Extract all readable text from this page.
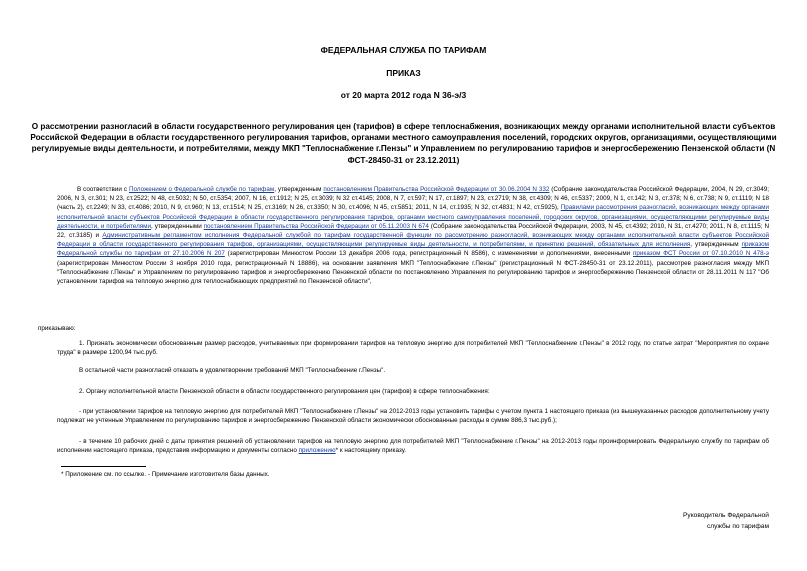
ФЕДЕРАЛЬНАЯ СЛУЖБА ПО ТАРИФАМ
ПРИКАЗ
от 20 марта 2012 года N 36-э/3
О рассмотрении разногласий в области государственного регулирования цен (тарифов) в сфере теплоснабжения, возникающих между органами исполнительной власти субъектов Российской Федерации в области государственного регулирования тарифов, органами местного самоуправления поселений, городских округов, организациями, осуществляющими регулируемые виды деятельности, и потребителями, между МКП "Теплоснабжение г.Пензы" и Управлением по регулированию тарифов и энергосбережению Пензенской области (N ФСТ-28450-31 от 23.12.2011)
В соответствии с Положением о Федеральной службе по тарифам, утвержденным постановлением Правительства Российской Федерации от 30.06.2004 N 332 (Собрание законодательства Российской Федерации, 2004, N 29, ст.3049; 2006, N 3, ст.301; N 23, ст.2522; N 48, ст.5032; N 50, ст.5354; 2007, N 16, ст.1912; N 25, ст.3039; N 32 ст.4145; 2008, N 7, ст.597; N 17, ст.1897; N 23, ст.2719; N 38, ст.4309; N 46, ст.5337; 2009, N 1, ст.142; N 3, ст.378; N 6, ст.738; N 9, ст.1119; N 18 (часть 2), ст.2249; N 33, ст.4086; 2010, N 9, ст.960; N 13, ст.1514; N 25, ст.3169; N 26, ст.3350; N 30, ст.4096; N 45, ст.5851; 2011, N 14, ст.1935; N 32, ст.4831; N 42, ст.5925), Правилами рассмотрения разногласий, возникающих между органами исполнительной власти субъектов Российской Федерации в области государственного регулирования тарифов, органами местного самоуправления поселений, городских округов, организациями, осуществляющими регулируемые виды деятельности, и потребителями, утвержденными постановлением Правительства Российской Федерации от 05.11.2003 N 674 (Собрание законодательства Российской Федерации, 2003, N 45, ст.4392; 2010, N 31, ст.4270; 2011, N 8, ст.1115; N 22, ст.3185) и Административным регламентом исполнения Федеральной службой по тарифам государственной функции по рассмотрению разногласий, возникающих между органами исполнительной власти субъектов Российской Федерации в области государственного регулирования тарифов, организациями, осуществляющими регулируемые виды деятельности, и потребителями, и принятию решений, обязательных для исполнения, утвержденным приказом Федеральной службы по тарифам от 27.10.2006 N 207 (зарегистрирован Минюстом России 13 декабря 2006 года, регистрационный N 8586), с изменениями и дополнениями, внесенными приказом ФСТ России от 07.10.2010 N 478-э (зарегистрирован Минюстом России 3 ноября 2010 года, регистрационный N 18886), на основании заявления МКП "Теплоснабжение г.Пензы" (регистрационный N ФСТ-28450-31 от 23.12.2011), рассмотрев разногласия между МКП "Теплоснабжение г.Пензы" и Управлением по регулированию тарифов и энергосбережению Пензенской области по постановлению Управления по регулированию тарифов и энергосбережению Пензенской области от 28.11.2011 N 117 "Об установлении тарифов на тепловую энергию для теплоснабжающих предприятий по Пензенской области",
приказываю:
1. Признать экономически обоснованным размер расходов, учитываемых при формировании тарифов на тепловую энергию для потребителей МКП "Теплоснабжение г.Пензы" в 2012 году, по статье затрат "Мероприятия по охране труда" в размере 1200,94 тыс.руб.
В остальной части разногласий отказать в удовлетворении требований МКП "Теплоснабжение г.Пензы".
2. Органу исполнительной власти Пензенской области в области государственного регулирования цен (тарифов) в сфере теплоснабжения:
- при установлении тарифов на тепловую энергию для потребителей МКП "Теплоснабжение г.Пензы" на 2012-2013 годы установить тарифы с учетом пункта 1 настоящего приказа (из вышеуказанных расходов дополнительному учету подлежат не учтенные Управлением по регулированию тарифов и энергосбережению Пензенской области экономически обоснованные расходы в сумме 886,3 тыс.руб.);
- в течение 10 рабочих дней с даты принятия решений об установлении тарифов на тепловую энергию для потребителей МКП "Теплоснабжение г.Пензы" на 2012-2013 годы проинформировать Федеральную службу по тарифам об исполнении настоящего приказа, представив информацию и документы согласно приложению* к настоящему приказу.
* Приложение см. по ссылке. - Примечание изготовителя базы данных.
Руководитель Федеральной
службы по тарифам
